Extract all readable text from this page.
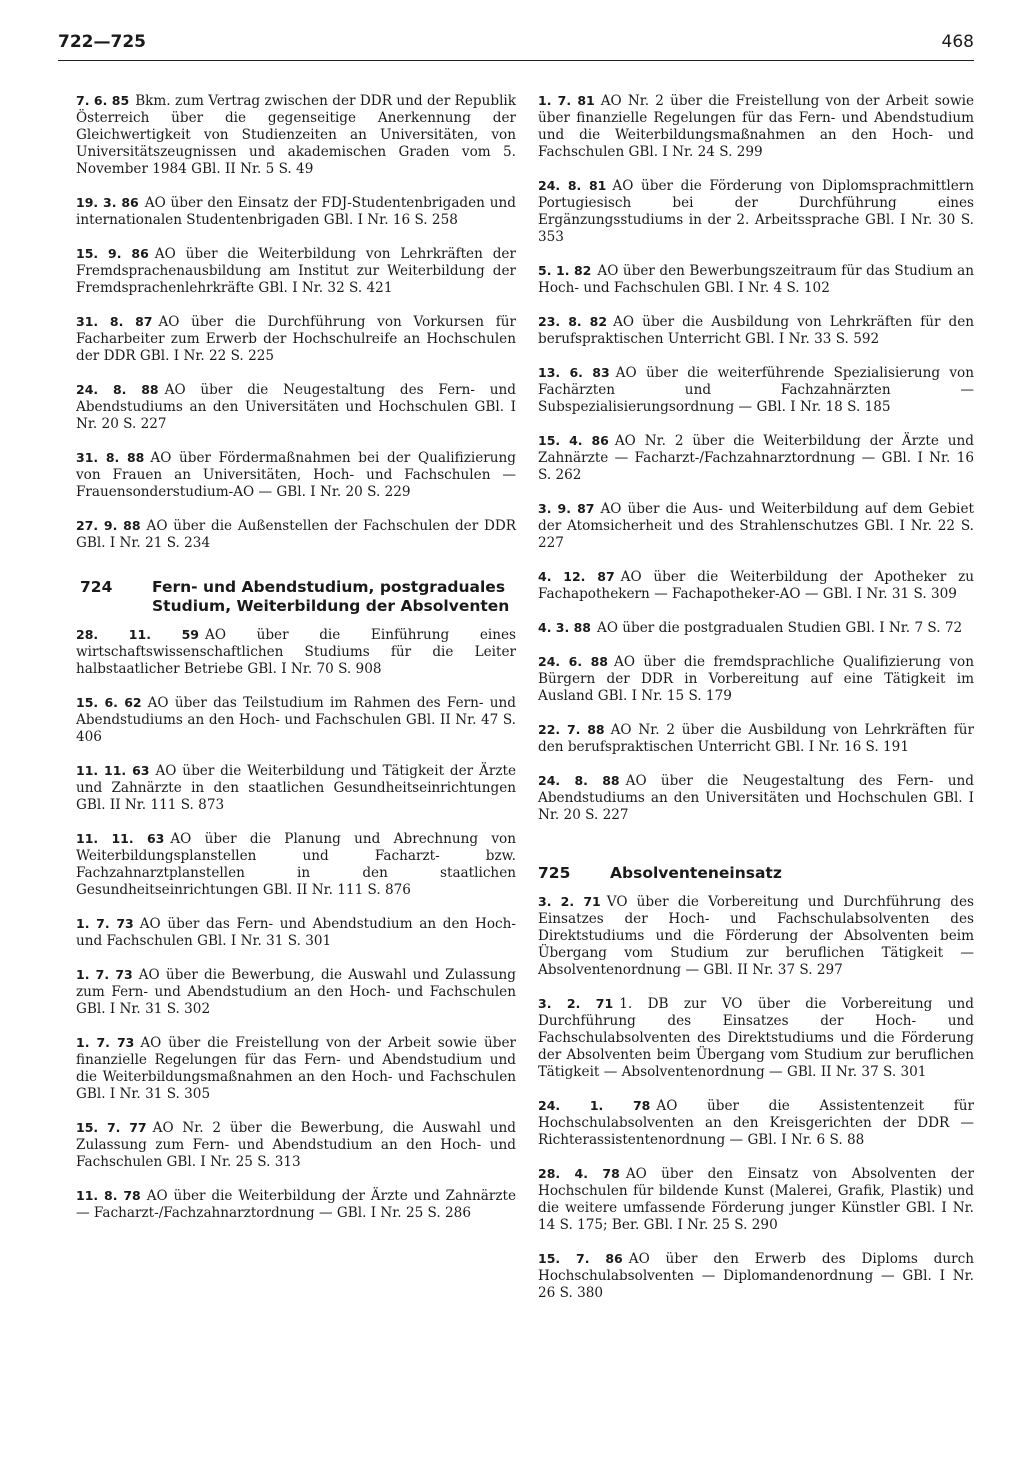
722—725	468
7. 6. 85 Bkm. zum Vertrag zwischen der DDR und der Republik Österreich über die gegenseitige Anerkennung der Gleichwertigkeit von Studienzeiten an Universitäten, von Universitätszeugnissen und akademischen Graden vom 5. November 1984 GBl. II Nr. 5 S. 49
19. 3. 86 AO über den Einsatz der FDJ-Studentenbrigaden und internationalen Studentenbrigaden GBl. I Nr. 16 S. 258
15. 9. 86 AO über die Weiterbildung von Lehrkräften der Fremdsprachenausbildung am Institut zur Weiterbildung der Fremdsprachenlehrkräfte GBl. I Nr. 32 S. 421
31. 8. 87 AO über die Durchführung von Vorkursen für Facharbeiter zum Erwerb der Hochschulreife an Hochschulen der DDR GBl. I Nr. 22 S. 225
24. 8. 88 AO über die Neugestaltung des Fern- und Abendstudiums an den Universitäten und Hochschulen GBl. I Nr. 20 S. 227
31. 8. 88 AO über Fördermaßnahmen bei der Qualifizierung von Frauen an Universitäten, Hoch- und Fachschulen — Frauensonderstudium-AO — GBl. I Nr. 20 S. 229
27. 9. 88 AO über die Außenstellen der Fachschulen der DDR GBl. I Nr. 21 S. 234
724	Fern- und Abendstudium, postgraduales Studium, Weiterbildung der Absolventen
28. 11. 59 AO über die Einführung eines wirtschaftswissenschaftlichen Studiums für die Leiter halbstaatlicher Betriebe GBl. I Nr. 70 S. 908
15. 6. 62 AO über das Teilstudium im Rahmen des Fern- und Abendstudiums an den Hoch- und Fachschulen GBl. II Nr. 47 S. 406
11. 11. 63 AO über die Weiterbildung und Tätigkeit der Ärzte und Zahnärzte in den staatlichen Gesundheitseinrichtungen GBl. II Nr. 111 S. 873
11. 11. 63 AO über die Planung und Abrechnung von Weiterbildungsplanstellen und Facharzt- bzw. Fachzahnarztplanstellen in den staatlichen Gesundheitseinrichtungen GBl. II Nr. 111 S. 876
1. 7. 73 AO über das Fern- und Abendstudium an den Hoch- und Fachschulen GBl. I Nr. 31 S. 301
1. 7. 73 AO über die Bewerbung, die Auswahl und Zulassung zum Fern- und Abendstudium an den Hoch- und Fachschulen GBl. I Nr. 31 S. 302
1. 7. 73 AO über die Freistellung von der Arbeit sowie über finanzielle Regelungen für das Fern- und Abendstudium und die Weiterbildungsmaßnahmen an den Hoch- und Fachschulen GBl. I Nr. 31 S. 305
15. 7. 77 AO Nr. 2 über die Bewerbung, die Auswahl und Zulassung zum Fern- und Abendstudium an den Hoch- und Fachschulen GBl. I Nr. 25 S. 313
11. 8. 78 AO über die Weiterbildung der Ärzte und Zahnärzte — Facharzt-/Fachzahnarztordnung — GBl. I Nr. 25 S. 286
1. 7. 81 AO Nr. 2 über die Freistellung von der Arbeit sowie über finanzielle Regelungen für das Fern- und Abendstudium und die Weiterbildungsmaßnahmen an den Hoch- und Fachschulen GBl. I Nr. 24 S. 299
24. 8. 81 AO über die Förderung von Diplomsprachmittlern Portugiesisch bei der Durchführung eines Ergänzungsstudiums in der 2. Arbeitssprache GBl. I Nr. 30 S. 353
5. 1. 82 AO über den Bewerbungszeitraum für das Studium an Hoch- und Fachschulen GBl. I Nr. 4 S. 102
23. 8. 82 AO über die Ausbildung von Lehrkräften für den berufspraktischen Unterricht GBl. I Nr. 33 S. 592
13. 6. 83 AO über die weiterführende Spezialisierung von Fachärzten und Fachzahnärzten — Subspezialisierungsordnung — GBl. I Nr. 18 S. 185
15. 4. 86 AO Nr. 2 über die Weiterbildung der Ärzte und Zahnärzte — Facharzt-/Fachzahnarztordnung — GBl. I Nr. 16 S. 262
3. 9. 87 AO über die Aus- und Weiterbildung auf dem Gebiet der Atomsicherheit und des Strahlenschutzes GBl. I Nr. 22 S. 227
4. 12. 87 AO über die Weiterbildung der Apotheker zu Fachapothekern — Fachapotheker-AO — GBl. I Nr. 31 S. 309
4. 3. 88 AO über die postgradualen Studien GBl. I Nr. 7 S. 72
24. 6. 88 AO über die fremdsprachliche Qualifizierung von Bürgern der DDR in Vorbereitung auf eine Tätigkeit im Ausland GBl. I Nr. 15 S. 179
22. 7. 88 AO Nr. 2 über die Ausbildung von Lehrkräften für den berufspraktischen Unterricht GBl. I Nr. 16 S. 191
24. 8. 88 AO über die Neugestaltung des Fern- und Abendstudiums an den Universitäten und Hochschulen GBl. I Nr. 20 S. 227
725	Absolventeneinsatz
3. 2. 71 VO über die Vorbereitung und Durchführung des Einsatzes der Hoch- und Fachschulabsolventen des Direktstudiums und die Förderung der Absolventen beim Übergang vom Studium zur beruflichen Tätigkeit — Absolventenordnung — GBl. II Nr. 37 S. 297
3. 2. 71 1. DB zur VO über die Vorbereitung und Durchführung des Einsatzes der Hoch- und Fachschulabsolventen des Direktstudiums und die Förderung der Absolventen beim Übergang vom Studium zur beruflichen Tätigkeit — Absolventenordnung — GBl. II Nr. 37 S. 301
24. 1. 78 AO über die Assistentenzeit für Hochschulabsolventen an den Kreisgerichten der DDR — Richterassistentenordnung — GBl. I Nr. 6 S. 88
28. 4. 78 AO über den Einsatz von Absolventen der Hochschulen für bildende Kunst (Malerei, Grafik, Plastik) und die weitere umfassende Förderung junger Künstler GBl. I Nr. 14 S. 175; Ber. GBl. I Nr. 25 S. 290
15. 7. 86 AO über den Erwerb des Diploms durch Hochschulabsolventen — Diplomandenordnung — GBl. I Nr. 26 S. 380
